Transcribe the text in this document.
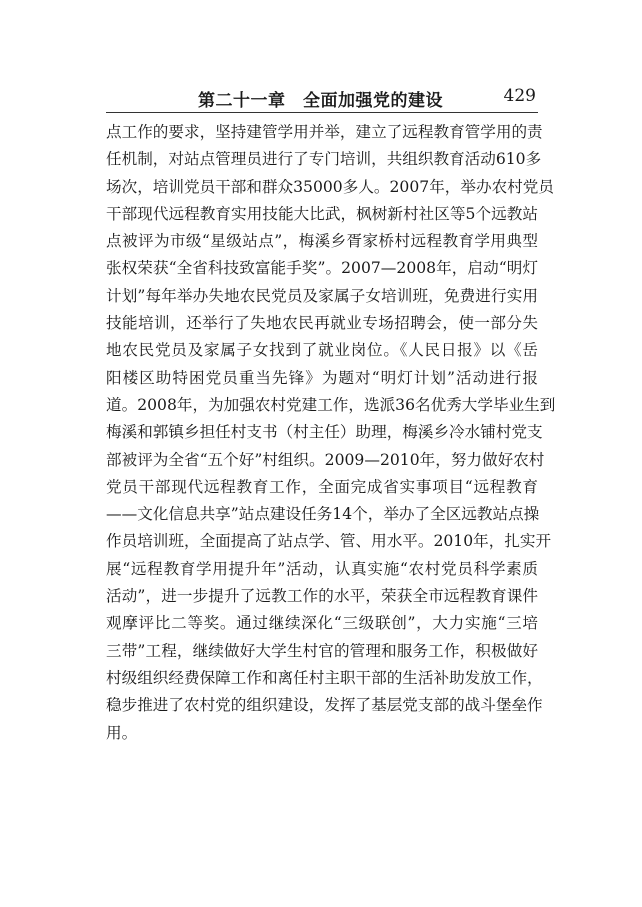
第二十一章　全面加强党的建设	429
点工作的要求，坚持建管学用并举，建立了远程教育管学用的责
任机制，对站点管理员进行了专门培训，共组织教育活动610多
场次，培训党员干部和群众35000多人。2007年，举办农村党员
干部现代远程教育实用技能大比武，枫树新村社区等5个远教站
点被评为市级“星级站点”，梅溪乡胥家桥村远程教育学用典型
张权荣获“全省科技致富能手奖”。2007—2008年，启动“明灯
计划”每年举办失地农民党员及家属子女培训班，免费进行实用
技能培训，还举行了失地农民再就业专场招聘会，使一部分失
地农民党员及家属子女找到了就业岗位。《人民日报》以《岳
阳楼区助特困党员重当先锋》为题对“明灯计划”活动进行报
道。2008年，为加强农村党建工作，选派36名优秀大学毕业生到
梅溪和郭镇乡担任村支书（村主任）助理，梅溪乡冷水铺村党支
部被评为全省“五个好”村组织。2009—2010年，努力做好农村
党员干部现代远程教育工作，全面完成省实事项目“远程教育
——文化信息共享”站点建设任务14个，举办了全区远教站点操
作员培训班，全面提高了站点学、管、用水平。2010年，扎实开
展“远程教育学用提升年”活动，认真实施“农村党员科学素质
活动”，进一步提升了远教工作的水平，荣获全市远程教育课件
观摩评比二等奖。通过继续深化“三级联创”，大力实施“三培
三带”工程，继续做好大学生村官的管理和服务工作，积极做好
村级组织经费保障工作和离任村主职干部的生活补助发放工作，
稳步推进了农村党的组织建设，发挥了基层党支部的战斗堡垒作
用。
